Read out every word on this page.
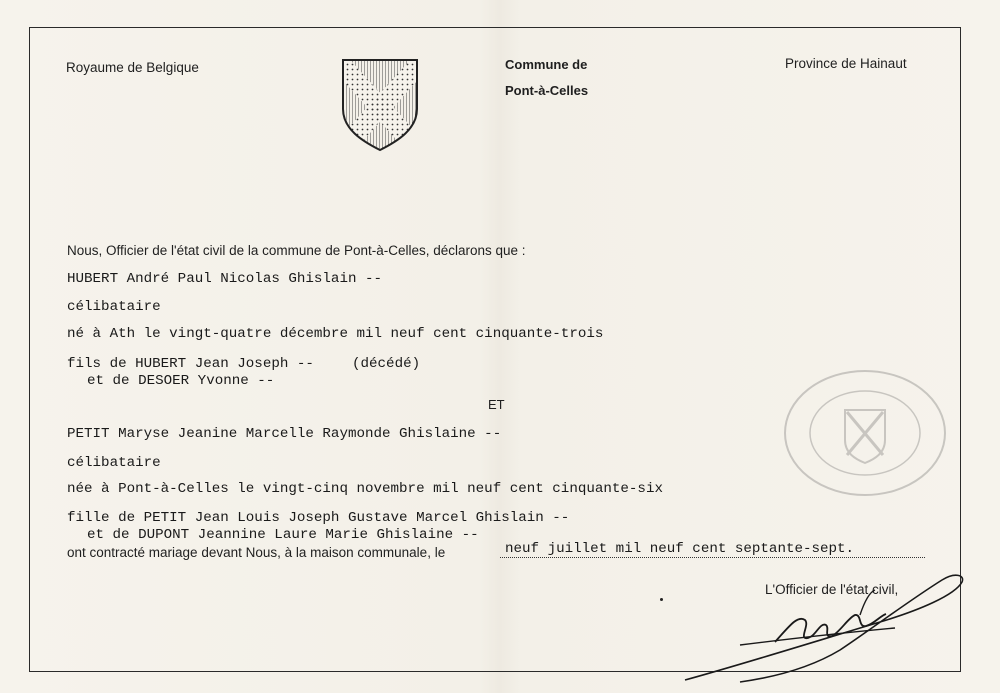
Royaume de Belgique	Commune de
Pont-à-Celles
Province de Hainaut
Nous, Officier de l'état civil de la commune de Pont-à-Celles, déclarons que :
HUBERT André Paul Nicolas Ghislain --
célibataire
né à Ath le vingt-quatre décembre mil neuf cent cinquante-trois
fils de HUBERT Jean Joseph --	(décédé)
et de DESOER Yvonne --
ET
PETIT Maryse Jeanine Marcelle Raymonde Ghislaine --
célibataire
née à Pont-à-Celles le vingt-cinq novembre mil neuf cent cinquante-six
fille de PETIT Jean Louis Joseph Gustave Marcel Ghislain --
et de DUPONT Jeannine Laure Marie Ghislaine --
ont contracté mariage devant Nous, à la maison communale, le	neuf juillet mil neuf cent septante-sept.
L'Officier de l'état civil,
